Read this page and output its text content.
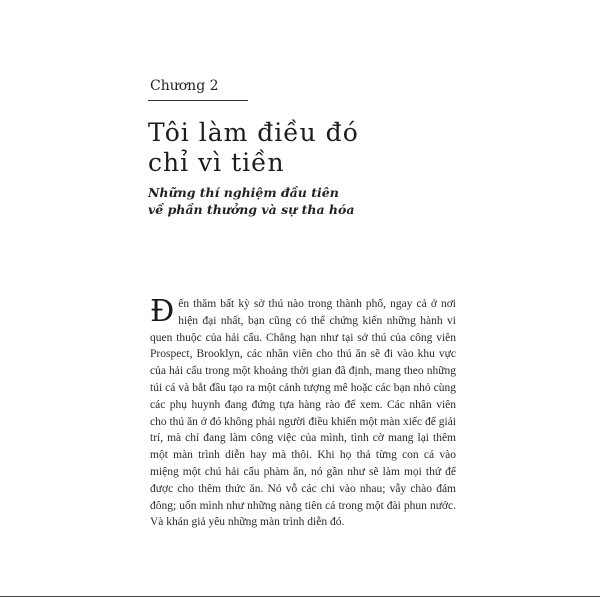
Chương 2
Tôi làm điều đó
chỉ vì tiền
Những thí nghiệm đầu tiên
về phần thưởng và sự tha hóa

Đến thăm bất kỳ sở thú nào trong thành phố, ngay cả ở nơi hiện đại nhất, bạn cũng có thể chứng kiến những hành vi quen thuộc của hải cẩu. Chẳng hạn như tại sở thú của công viên Prospect, Brooklyn, các nhân viên cho thú ăn sẽ đi vào khu vực của hải cẩu trong một khoảng thời gian đã định, mang theo những túi cá và bắt đầu tạo ra một cảnh tượng mê hoặc các bạn nhỏ cùng các phụ huynh đang đứng tựa hàng rào để xem. Các nhân viên cho thú ăn ở đó không phải người điều khiển một màn xiếc để giải trí, mà chỉ đang làm công việc của mình, tình cờ mang lại thêm một màn trình diễn hay mà thôi. Khi họ thả từng con cá vào miệng một chú hải cẩu phàm ăn, nó gần như sẽ làm mọi thứ để được cho thêm thức ăn. Nó vỗ các chi vào nhau; vẫy chào đám đông; uốn mình như những nàng tiên cá trong một đài phun nước. Và khán giả yêu những màn trình diễn đó.
